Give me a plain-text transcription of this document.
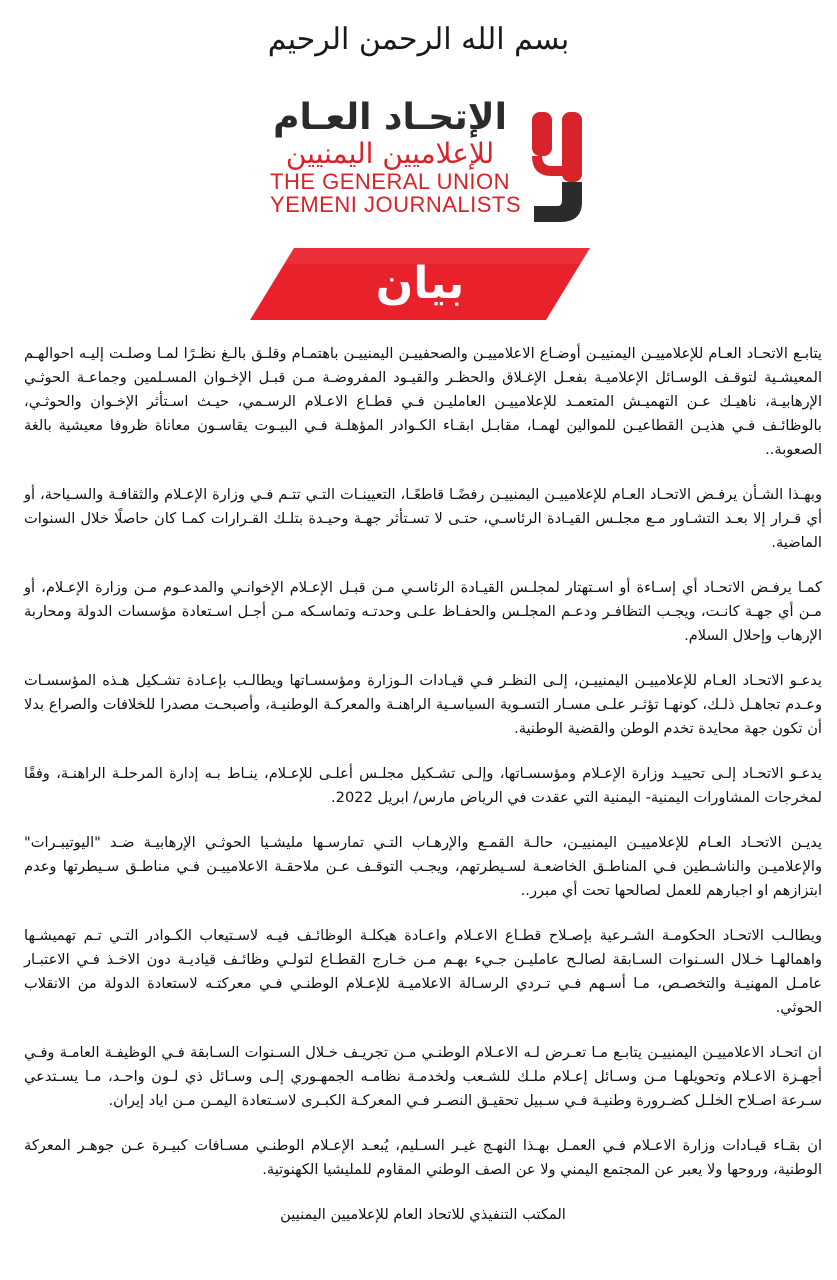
بسم الله الرحمن الرحيم
الإتحـاد العـام
للإعلاميين اليمنيين
THE GENERAL UNION
YEMENI JOURNALISTS
بيان

يتابـع الاتحـاد العـام للإعلامييـن اليمنييـن أوضـاع الاعلامييـن والصحفييـن اليمنييـن باهتمـام وقلـق بالـغ نظـرًا لمـا وصلـت إليـه احوالهـم المعيشـية لتوقـف الوسـائل الإعلاميـة بفعـل الإغـلاق والحظـر والقيـود المفروضـة مـن قبـل الإخـوان المسـلمين وجماعـة الحوثـي الإرهابيـة، ناهيـك عـن التهميـش المتعمـد للإعلامييـن العامليـن فـي قطـاع الاعـلام الرسـمي، حيـث اسـتأثر الإخـوان والحوثـي، بالوظائـف فـي هذيـن القطاعيـن للموالين لهمـا، مقابـل ابقـاء الكـوادر المؤهلـة فـي البيـوت يقاسـون معاناة ظروفا معيشية بالغة الصعوبة..

وبهـذا الشـأن يرفـض الاتحـاد العـام للإعلامييـن اليمنييـن رفضًـا قاطعًـا، التعيينـات التـي تتـم فـي وزارة الإعـلام والثقافـة والسـياحة، أو أي قـرار إلا بعـد التشـاور مـع مجلـس القيـادة الرئاسـي، حتـى لا تسـتأثر جهـة وحيـدة بتلـك القـرارات كمـا كان حاصلًا خلال السنوات الماضية.

كمـا يرفـض الاتحـاد أي إسـاءة أو اسـتهتار لمجلـس القيـادة الرئاسـي مـن قبـل الإعـلام الإخوانـي والمدعـوم مـن وزارة الإعـلام، أو مـن أي جهـة كانـت، ويجـب التظافـر ودعـم المجلـس والحفـاظ علـى وحدتـه وتماسـكه مـن أجـل اسـتعادة مؤسسات الدولة ومحاربة الإرهاب وإحلال السلام.

يدعـو الاتحـاد العـام للإعلامييـن اليمنييـن، إلـى النظـر فـي قيـادات الـوزارة ومؤسسـاتها ويطالـب بإعـادة تشـكيل هـذه المؤسسـات وعـدم تجاهـل ذلـك، كونهـا تؤثـر علـى مسـار التسـوية السياسـية الراهنـة والمعركـة الوطنيـة، وأصبحـت مصدرا للخلافات والصراع بدلا أن تكون جهة محايدة تخدم الوطن والقضية الوطنية.

يدعـو الاتحـاد إلـى تحييـد وزارة الإعـلام ومؤسسـاتها، وإلـى تشـكيل مجلـس أعلـى للإعـلام، ينـاط بـه إدارة المرحلـة الراهنـة، وفقًا لمخرجات المشاورات اليمنية- اليمنية التي عقدت في الرياض مارس/ ابريل 2022.

يديـن الاتحـاد العـام للإعلامييـن اليمنييـن، حالـة القمـع والإرهـاب التـي تمارسـها مليشـيا الحوثـي الإرهابيـة ضـد "اليوتيبـرات" والإعلاميـن والناشـطين فـي المناطـق الخاضعـة لسـيطرتهم، ويجـب التوقـف عـن ملاحقـة الاعلامييـن فـي مناطـق سـيطرتها وعدم ابتزازهم او اجبارهم للعمل لصالحها تحت أي مبرر..

ويطالـب الاتحـاد الحكومـة الشـرعية بإصـلاح قطـاع الاعـلام واعـادة هيكلـة الوظائـف فيـه لاسـتيعاب الكـوادر التـي تـم تهميشـها واهمالهـا خـلال السـنوات السـابقة لصالـح عامليـن جـيء بهـم مـن خـارج القطـاع لتولـي وظائـف قياديـة دون الاخـذ فـي الاعتبـار عامـل المهنيـة والتخصـص، مـا أسـهم فـي تـردي الرسـالة الاعلاميـة للإعـلام الوطنـي فـي معركتـه لاستعادة الدولة من الانقلاب الحوثي.

ان اتحـاد الاعلامييـن اليمنييـن يتابـع مـا تعـرض لـه الاعـلام الوطنـي مـن تجريـف خـلال السـنوات السـابقة فـي الوظيفـة العامـة وفـي أجهـزة الاعـلام وتحويلهـا مـن وسـائل إعـلام ملـك للشـعب ولخدمـة نظامـه الجمهـوري إلـى وسـائل ذي لـون واحـد، مـا يسـتدعي سـرعة اصـلاح الخلـل كضـرورة وطنيـة فـي سـبيل تحقيـق النصـر فـي المعركـة الكبـرى لاسـتعادة اليمـن مـن اياد إيران.

ان بقـاء قيـادات وزارة الاعـلام فـي العمـل بهـذا النهـج غيـر السـليم، يُبعـد الإعـلام الوطنـي مسـافات كبيـرة عـن جوهـر المعركة الوطنية، وروحها ولا يعبر عن المجتمع اليمني ولا عن الصف الوطني المقاوم للمليشيا الكهنوتية.

المكتب التنفيذي للاتحاد العام للإعلاميين اليمنيين
